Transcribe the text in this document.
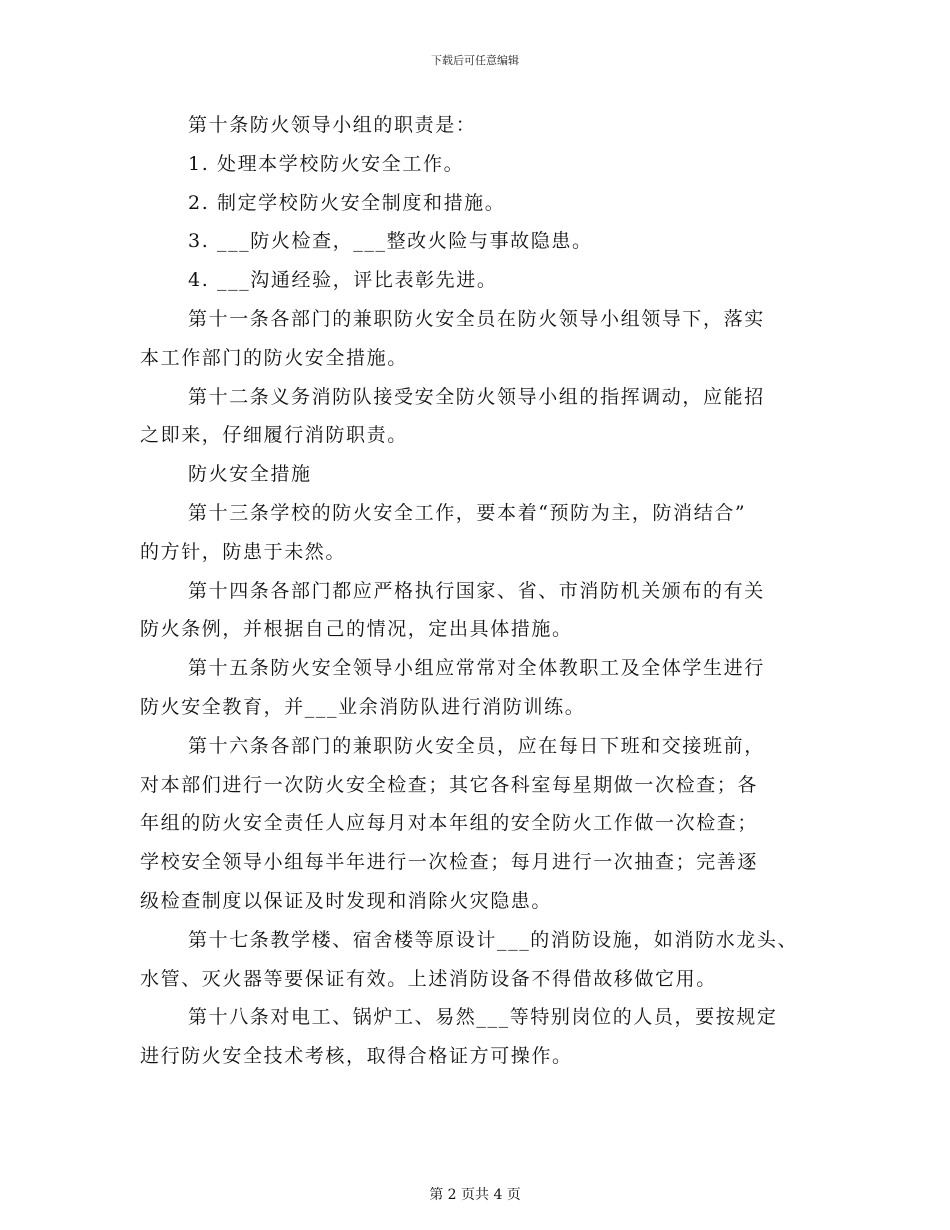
下载后可任意编辑

第十条防火领导小组的职责是：

1. 处理本学校防火安全工作。

2. 制定学校防火安全制度和措施。

3. ___防火检查，___整改火险与事故隐患。

4. ___沟通经验，评比表彰先进。

第十一条各部门的兼职防火安全员在防火领导小组领导下，落实

本工作部门的防火安全措施。

第十二条义务消防队接受安全防火领导小组的指挥调动，应能招

之即来，仔细履行消防职责。

防火安全措施

第十三条学校的防火安全工作，要本着“预防为主，防消结合”

的方针，防患于未然。

第十四条各部门都应严格执行国家、省、市消防机关颁布的有关

防火条例，并根据自己的情况，定出具体措施。

第十五条防火安全领导小组应常常对全体教职工及全体学生进行

防火安全教育，并___业余消防队进行消防训练。

第十六条各部门的兼职防火安全员，应在每日下班和交接班前，

对本部们进行一次防火安全检查；其它各科室每星期做一次检查；各

年组的防火安全责任人应每月对本年组的安全防火工作做一次检查；

学校安全领导小组每半年进行一次检查；每月进行一次抽查；完善逐

级检查制度以保证及时发现和消除火灾隐患。

第十七条教学楼、宿舍楼等原设计___的消防设施，如消防水龙头、

水管、灭火器等要保证有效。上述消防设备不得借故移做它用。

第十八条对电工、锅炉工、易然___等特别岗位的人员，要按规定

进行防火安全技术考核，取得合格证方可操作。

第 2 页共 4 页
